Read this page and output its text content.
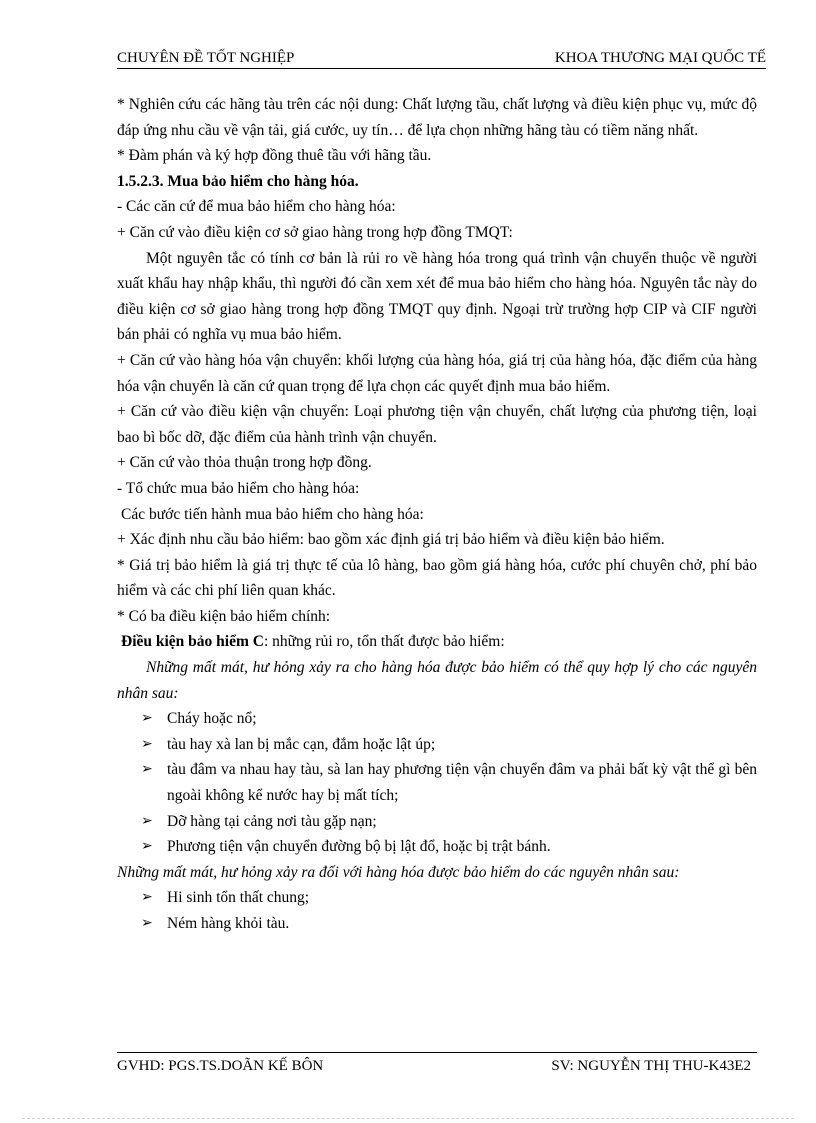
CHUYÊN ĐỀ TỐT NGHIỆP	KHOA THƯƠNG MẠI QUỐC TẾ

* Nghiên cứu các hãng tàu trên các nội dung: Chất lượng tầu, chất lượng và điều kiện phục vụ, mức độ đáp ứng nhu cầu về vận tải, giá cước, uy tín… để lựa chọn những hãng tàu có tiềm năng nhất.

* Đàm phán và ký hợp đồng thuê tầu với hãng tầu.

1.5.2.3. Mua bảo hiểm cho hàng hóa.

- Các căn cứ để mua bảo hiểm cho hàng hóa:

+ Căn cứ vào điều kiện cơ sở giao hàng trong hợp đồng TMQT:

Một nguyên tắc có tính cơ bản là rủi ro về hàng hóa trong quá trình vận chuyển thuộc về người xuất khẩu hay nhập khẩu, thì người đó cần xem xét để mua bảo hiểm cho hàng hóa. Nguyên tắc này do điều kiện cơ sở giao hàng trong hợp đồng TMQT quy định. Ngoại trừ trường hợp CIP và CIF người bán phải có nghĩa vụ mua bảo hiểm.

+ Căn cứ vào hàng hóa vận chuyển: khối lượng của hàng hóa, giá trị của hàng hóa, đặc điểm của hàng hóa vận chuyển là căn cứ quan trọng để lựa chọn các quyết định mua bảo hiểm.

+ Căn cứ vào điều kiện vận chuyển: Loại phương tiện vận chuyển, chất lượng của phương tiện, loại bao bì bốc dỡ, đặc điểm của hành trình vận chuyển.

+ Căn cứ vào thỏa thuận trong hợp đồng.

- Tổ chức mua bảo hiểm cho hàng hóa:

Các bước tiến hành mua bảo hiểm cho hàng hóa:

+ Xác định nhu cầu bảo hiểm: bao gồm xác định giá trị bảo hiểm và điều kiện bảo hiểm.

* Giá trị bảo hiểm là giá trị thực tế của lô hàng, bao gồm giá hàng hóa, cước phí chuyên chở, phí bảo hiểm và các chi phí liên quan khác.

* Có ba điều kiện bảo hiểm chính:

Điều kiện bảo hiểm C: những rủi ro, tổn thất được bảo hiểm:

Những mất mát, hư hỏng xảy ra cho hàng hóa được bảo hiểm có thể quy hợp lý cho các nguyên nhân sau:

➢ Cháy hoặc nổ;
➢ tàu hay xà lan bị mắc cạn, đắm hoặc lật úp;
➢ tàu đâm va nhau hay tàu, sà lan hay phương tiện vận chuyển đâm va phải bất kỳ vật thể gì bên ngoài không kể nước hay bị mất tích;
➢ Dỡ hàng tại cảng nơi tàu gặp nạn;
➢ Phương tiện vận chuyển đường bộ bị lật đổ, hoặc bị trật bánh.

Những mất mát, hư hỏng xảy ra đối với hàng hóa được bảo hiểm do các nguyên nhân sau:

➢ Hi sinh tổn thất chung;
➢ Ném hàng khỏi tàu.
GVHD: PGS.TS.DOÃN KẾ BÔN	SV: NGUYỄN THỊ THU-K43E2
